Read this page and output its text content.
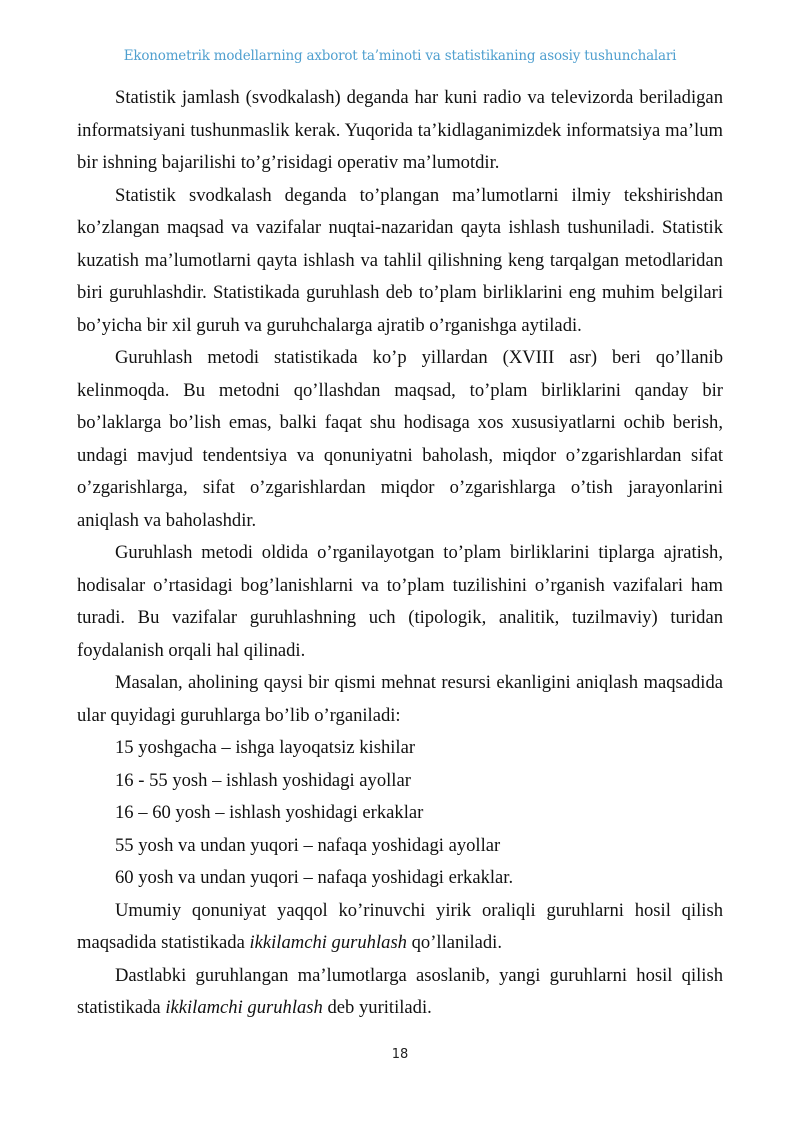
Ekonometrik modellarning axborot ta’minoti va statistikaning asosiy tushunchalari

Statistik jamlash (svodkalash) deganda har kuni radio va televizorda beriladigan informatsiyani tushunmaslik kerak. Yuqorida ta’kidlaganimizdek informatsiya ma’lum bir ishning bajarilishi to’g’risidagi operativ ma’lumotdir.

Statistik svodkalash deganda to’plangan ma’lumotlarni ilmiy tekshirishdan ko’zlangan maqsad va vazifalar nuqtai-nazaridan qayta ishlash tushuniladi. Statistik kuzatish ma’lumotlarni qayta ishlash va tahlil qilishning keng tarqalgan metodlaridan biri guruhlashdir. Statistikada guruhlash deb to’plam birliklarini eng muhim belgilari bo’yicha bir xil guruh va guruhchalarga ajratib o’rganishga aytiladi.

Guruhlash metodi statistikada ko’p yillardan (XVIII asr) beri qo’llanib kelinmoqda. Bu metodni qo’llashdan maqsad, to’plam birliklarini qanday bir bo’laklarga bo’lish emas, balki faqat shu hodisaga xos xususiyatlarni ochib berish, undagi mavjud tendentsiya va qonuniyatni baholash, miqdor o’zgarishlardan sifat o’zgarishlarga, sifat o’zgarishlardan miqdor o’zgarishlarga o’tish jarayonlarini aniqlash va baholashdir.

Guruhlash metodi oldida o’rganilayotgan to’plam birliklarini tiplarga ajratish, hodisalar o’rtasidagi bog’lanishlarni va to’plam tuzilishini o’rganish vazifalari ham turadi. Bu vazifalar guruhlashning uch (tipologik, analitik, tuzilmaviy) turidan foydalanish orqali hal qilinadi.

Masalan, aholining qaysi bir qismi mehnat resursi ekanligini aniqlash maqsadida ular quyidagi guruhlarga bo’lib o’rganiladi:

15 yoshgacha – ishga layoqatsiz kishilar

16 - 55 yosh – ishlash yoshidagi ayollar

16 – 60 yosh – ishlash yoshidagi erkaklar

55 yosh va undan yuqori – nafaqa yoshidagi ayollar

60 yosh va undan yuqori – nafaqa yoshidagi erkaklar.

Umumiy qonuniyat yaqqol ko’rinuvchi yirik oraliqli guruhlarni hosil qilish maqsadida statistikada ikkilamchi guruhlash qo’llaniladi.

Dastlabki guruhlangan ma’lumotlarga asoslanib, yangi guruhlarni hosil qilish statistikada ikkilamchi guruhlash deb yuritiladi.

18
